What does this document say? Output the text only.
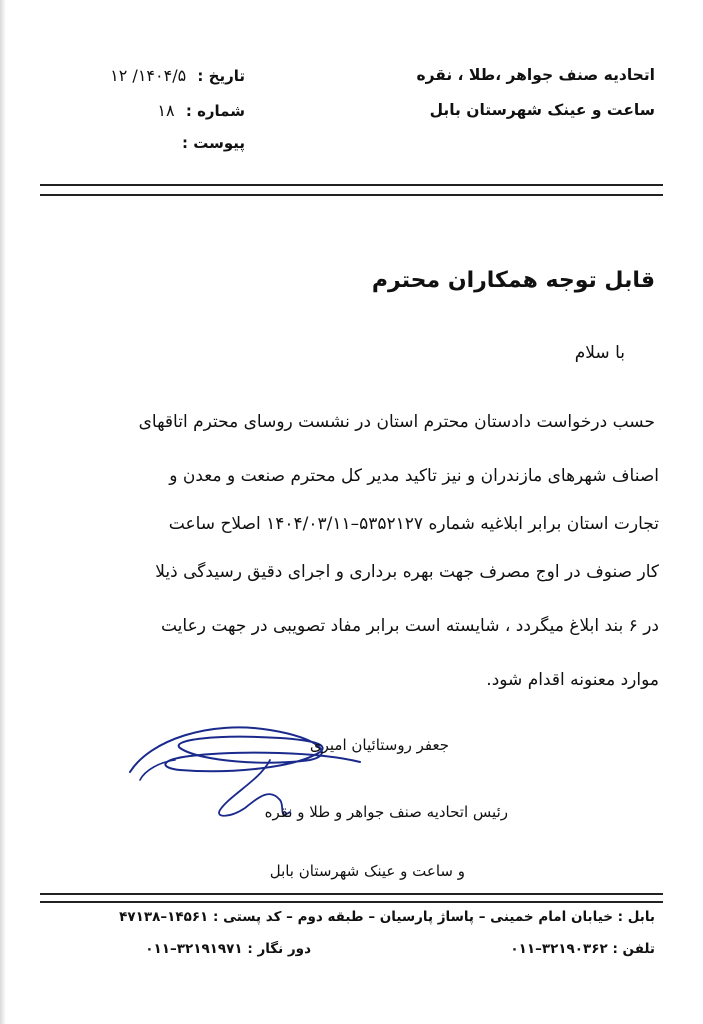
اتحادیه صنف جواهر ،طلا ، نقره
ساعت و عینک شهرستان بابل
تاریخ : ۱۴۰۴/۵/ ۱۲
شماره : ۱۸
پیوست :
قابل توجه همکاران محترم
با سلام
حسب درخواست دادستان محترم استان در نشست روسای محترم اتاقهای
اصناف شهرهای مازندران و نیز تاکید مدیر کل محترم صنعت و معدن و
تجارت استان برابر ابلاغیه شماره ۵۳۵۲۱۲۷–۱۴۰۴/۰۳/۱۱ اصلاح ساعت
کار صنوف در اوج مصرف جهت بهره برداری و اجرای دقیق رسیدگی ذیلا
در ۶ بند ابلاغ میگردد ، شایسته است برابر مفاد تصویبی در جهت رعایت
موارد معنونه اقدام شود.
جعفر روستائیان امیری
رئیس اتحادیه صنف جواهر و طلا و نقره
و ساعت و عینک شهرستان بابل
بابل : خیابان امام خمینی – پاساژ پارسیان – طبقه دوم – کد پستی : ۱۴۵۶۱–۴۷۱۳۸
تلفن : ۳۲۱۹۰۳۶۲–۰۱۱
دور نگار : ۳۲۱۹۱۹۷۱–۰۱۱
